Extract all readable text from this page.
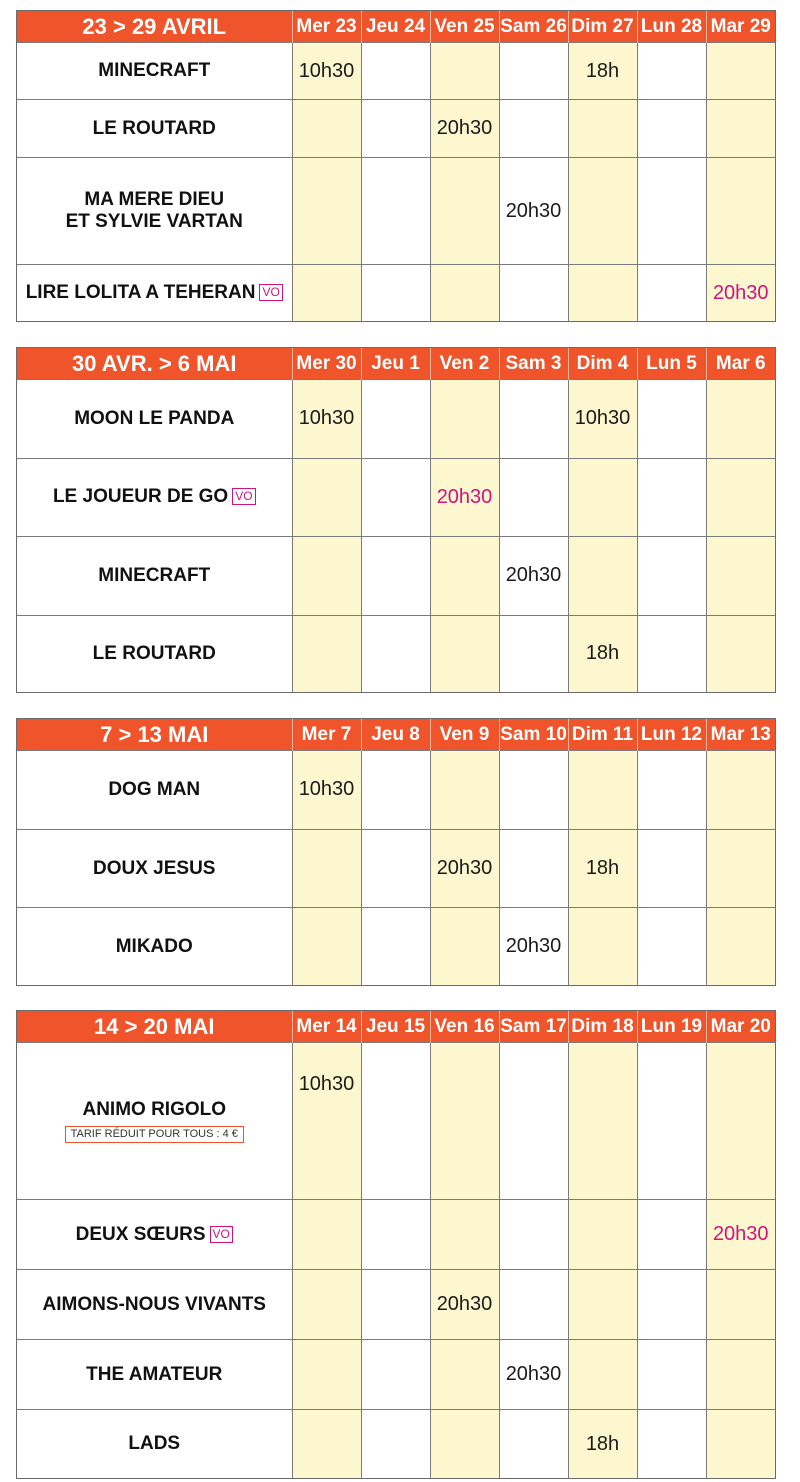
23 > 29 AVRIL	Mer 23	Jeu 24	Ven 25	Sam 26	Dim 27	Lun 28	Mar 29

MINECRAFT	10h30				18h		

LE ROUTARD			20h30				

MA MERE DIEU
ET SYLVIE VARTAN				20h30			
LIRE LOLITA A TEHERAN VO							20h30
30 AVR. > 6 MAI	Mer 30	Jeu 1	Ven 2	Sam 3	Dim 4	Lun 5	Mar 6

MOON LE PANDA	10h30				10h30		
LE JOUEUR DE GO VO			20h30				

MINECRAFT				20h30			

LE ROUTARD					18h		
7 > 13 MAI	Mer 7	Jeu 8	Ven 9	Sam 10	Dim 11	Lun 12	Mar 13

DOG MAN	10h30						

DOUX JESUS			20h30		18h		

MIKADO				20h30			
14 > 20 MAI	Mer 14	Jeu 15	Ven 16	Sam 17	Dim 18	Lun 19	Mar 20

ANIMO RIGOLO
TARIF RÉDUIT POUR TOUS : 4 €	10h30						
DEUX SŒURS VO							20h30

AIMONS-NOUS VIVANTS			20h30				

THE AMATEUR				20h30			

LADS					18h		
